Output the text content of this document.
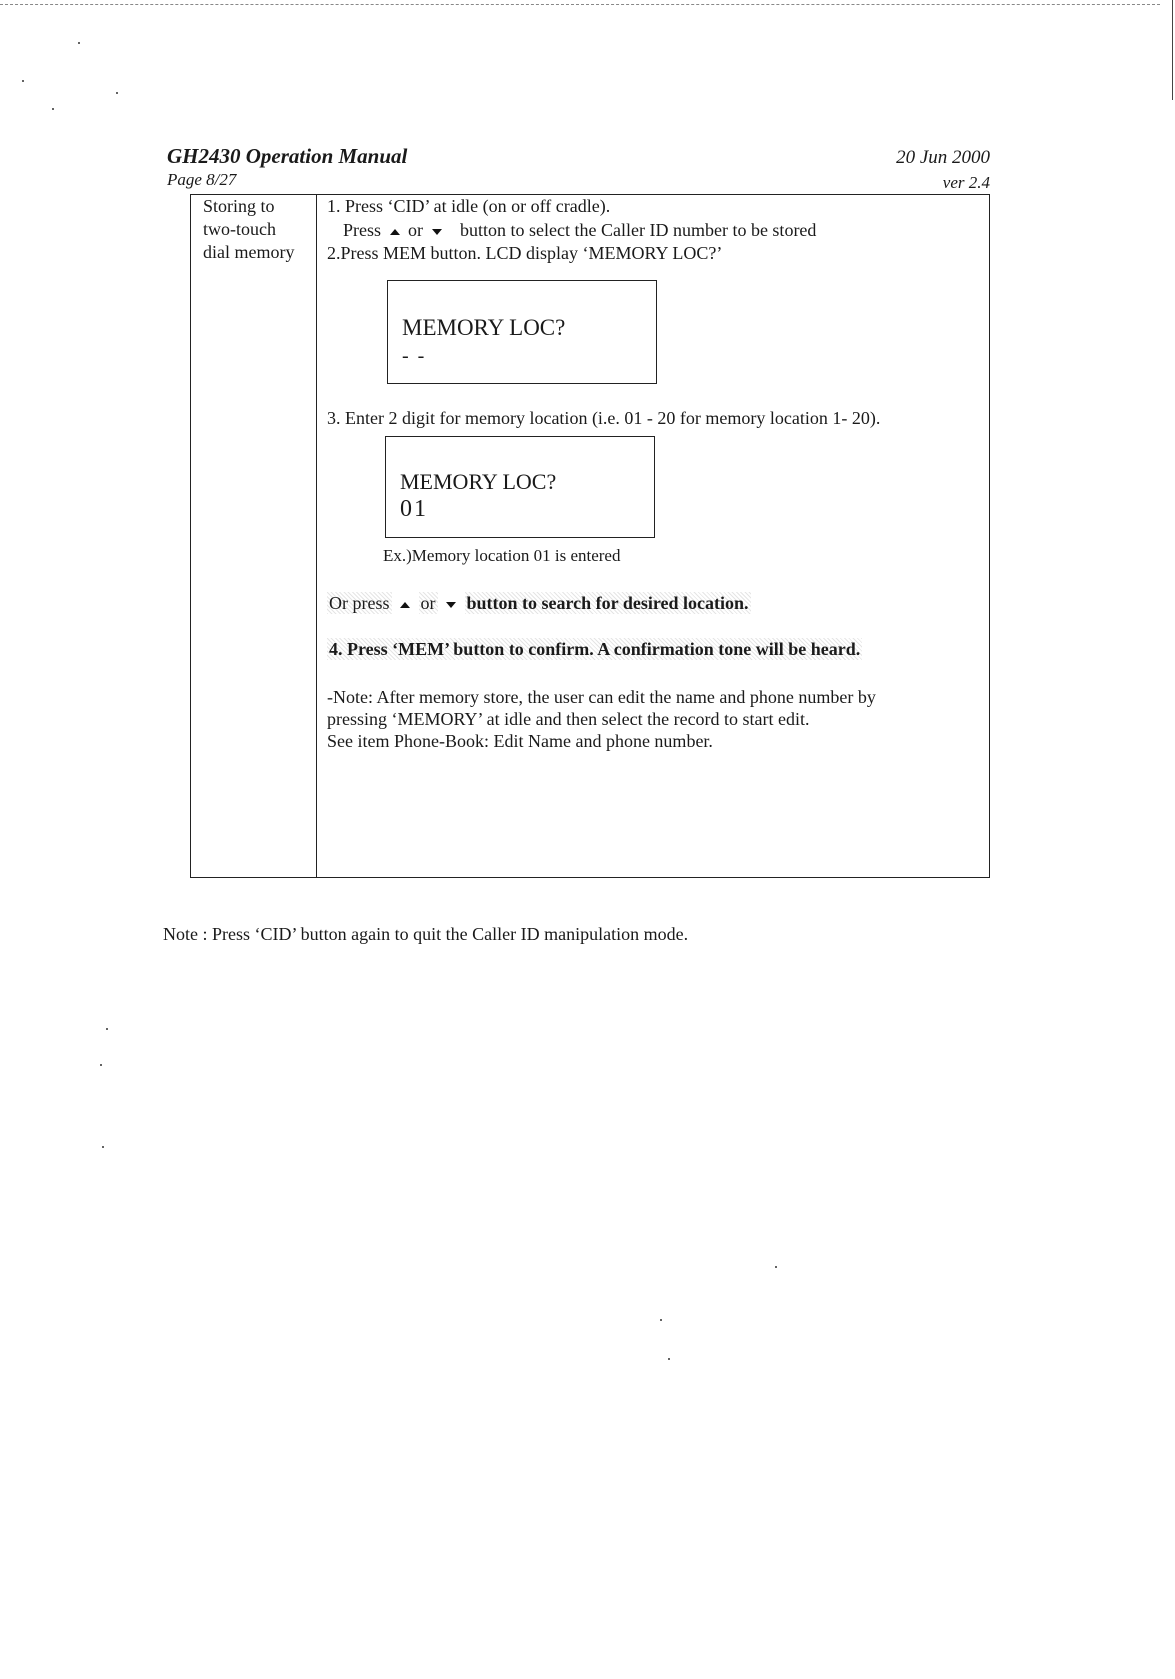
GH2430 Operation Manual	20 Jun 2000
Page 8/27	ver 2.4
Storing to
two-touch
dial memory
1. Press ‘CID’ at idle (on or off cradle).
Press or button to select the Caller ID number to be stored
2.Press MEM button. LCD display ‘MEMORY LOC?’
MEMORY LOC?
- -
3. Enter 2 digit for memory location (i.e. 01 - 20 for memory location 1- 20).
MEMORY LOC?
01
Ex.)Memory location 01 is entered
Or press or button to search for desired location.
4. Press ‘MEM’ button to confirm. A confirmation tone will be heard.
-Note: After memory store, the user can edit the name and phone number by
pressing ‘MEMORY’ at idle and then select the record to start edit.
See item Phone-Book: Edit Name and phone number.
Note : Press ‘CID’ button again to quit the Caller ID manipulation mode.
